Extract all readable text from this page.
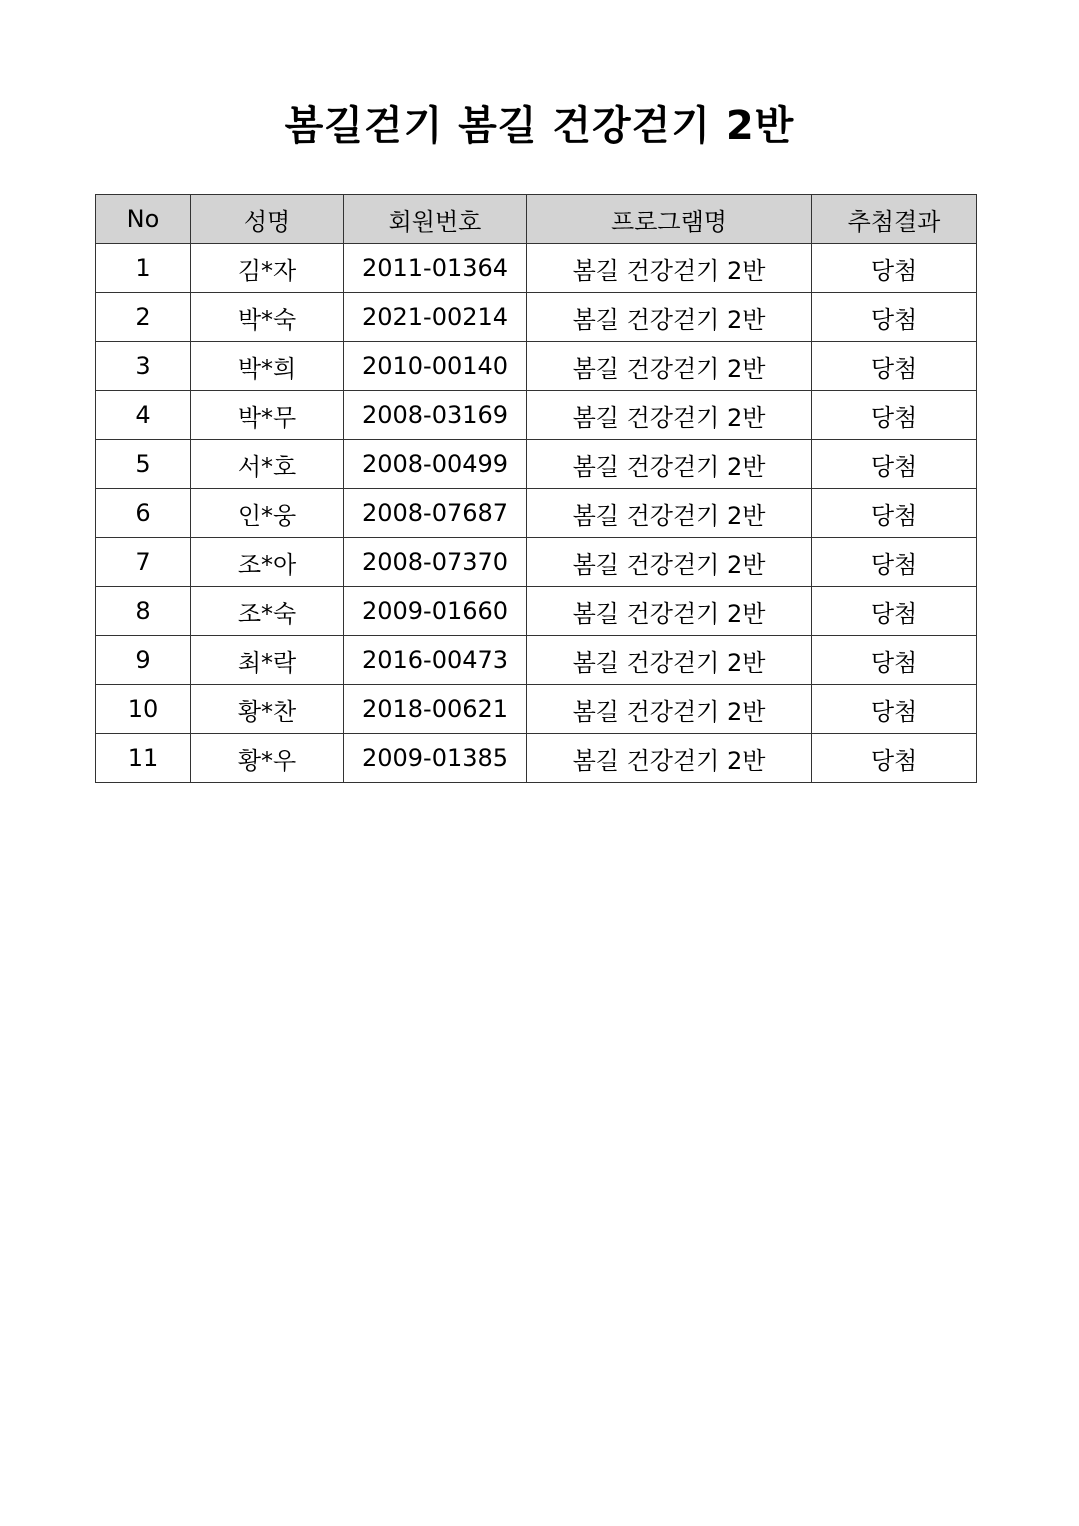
봄길걷기 봄길 건강걷기 2반
No	성명	회원번호	프로그램명	추첨결과
1	김*자	2011-01364	봄길 건강걷기 2반	당첨
2	박*숙	2021-00214	봄길 건강걷기 2반	당첨
3	박*희	2010-00140	봄길 건강걷기 2반	당첨
4	박*무	2008-03169	봄길 건강걷기 2반	당첨
5	서*호	2008-00499	봄길 건강걷기 2반	당첨
6	인*웅	2008-07687	봄길 건강걷기 2반	당첨
7	조*아	2008-07370	봄길 건강걷기 2반	당첨
8	조*숙	2009-01660	봄길 건강걷기 2반	당첨
9	최*락	2016-00473	봄길 건강걷기 2반	당첨
10	황*찬	2018-00621	봄길 건강걷기 2반	당첨
11	황*우	2009-01385	봄길 건강걷기 2반	당첨
